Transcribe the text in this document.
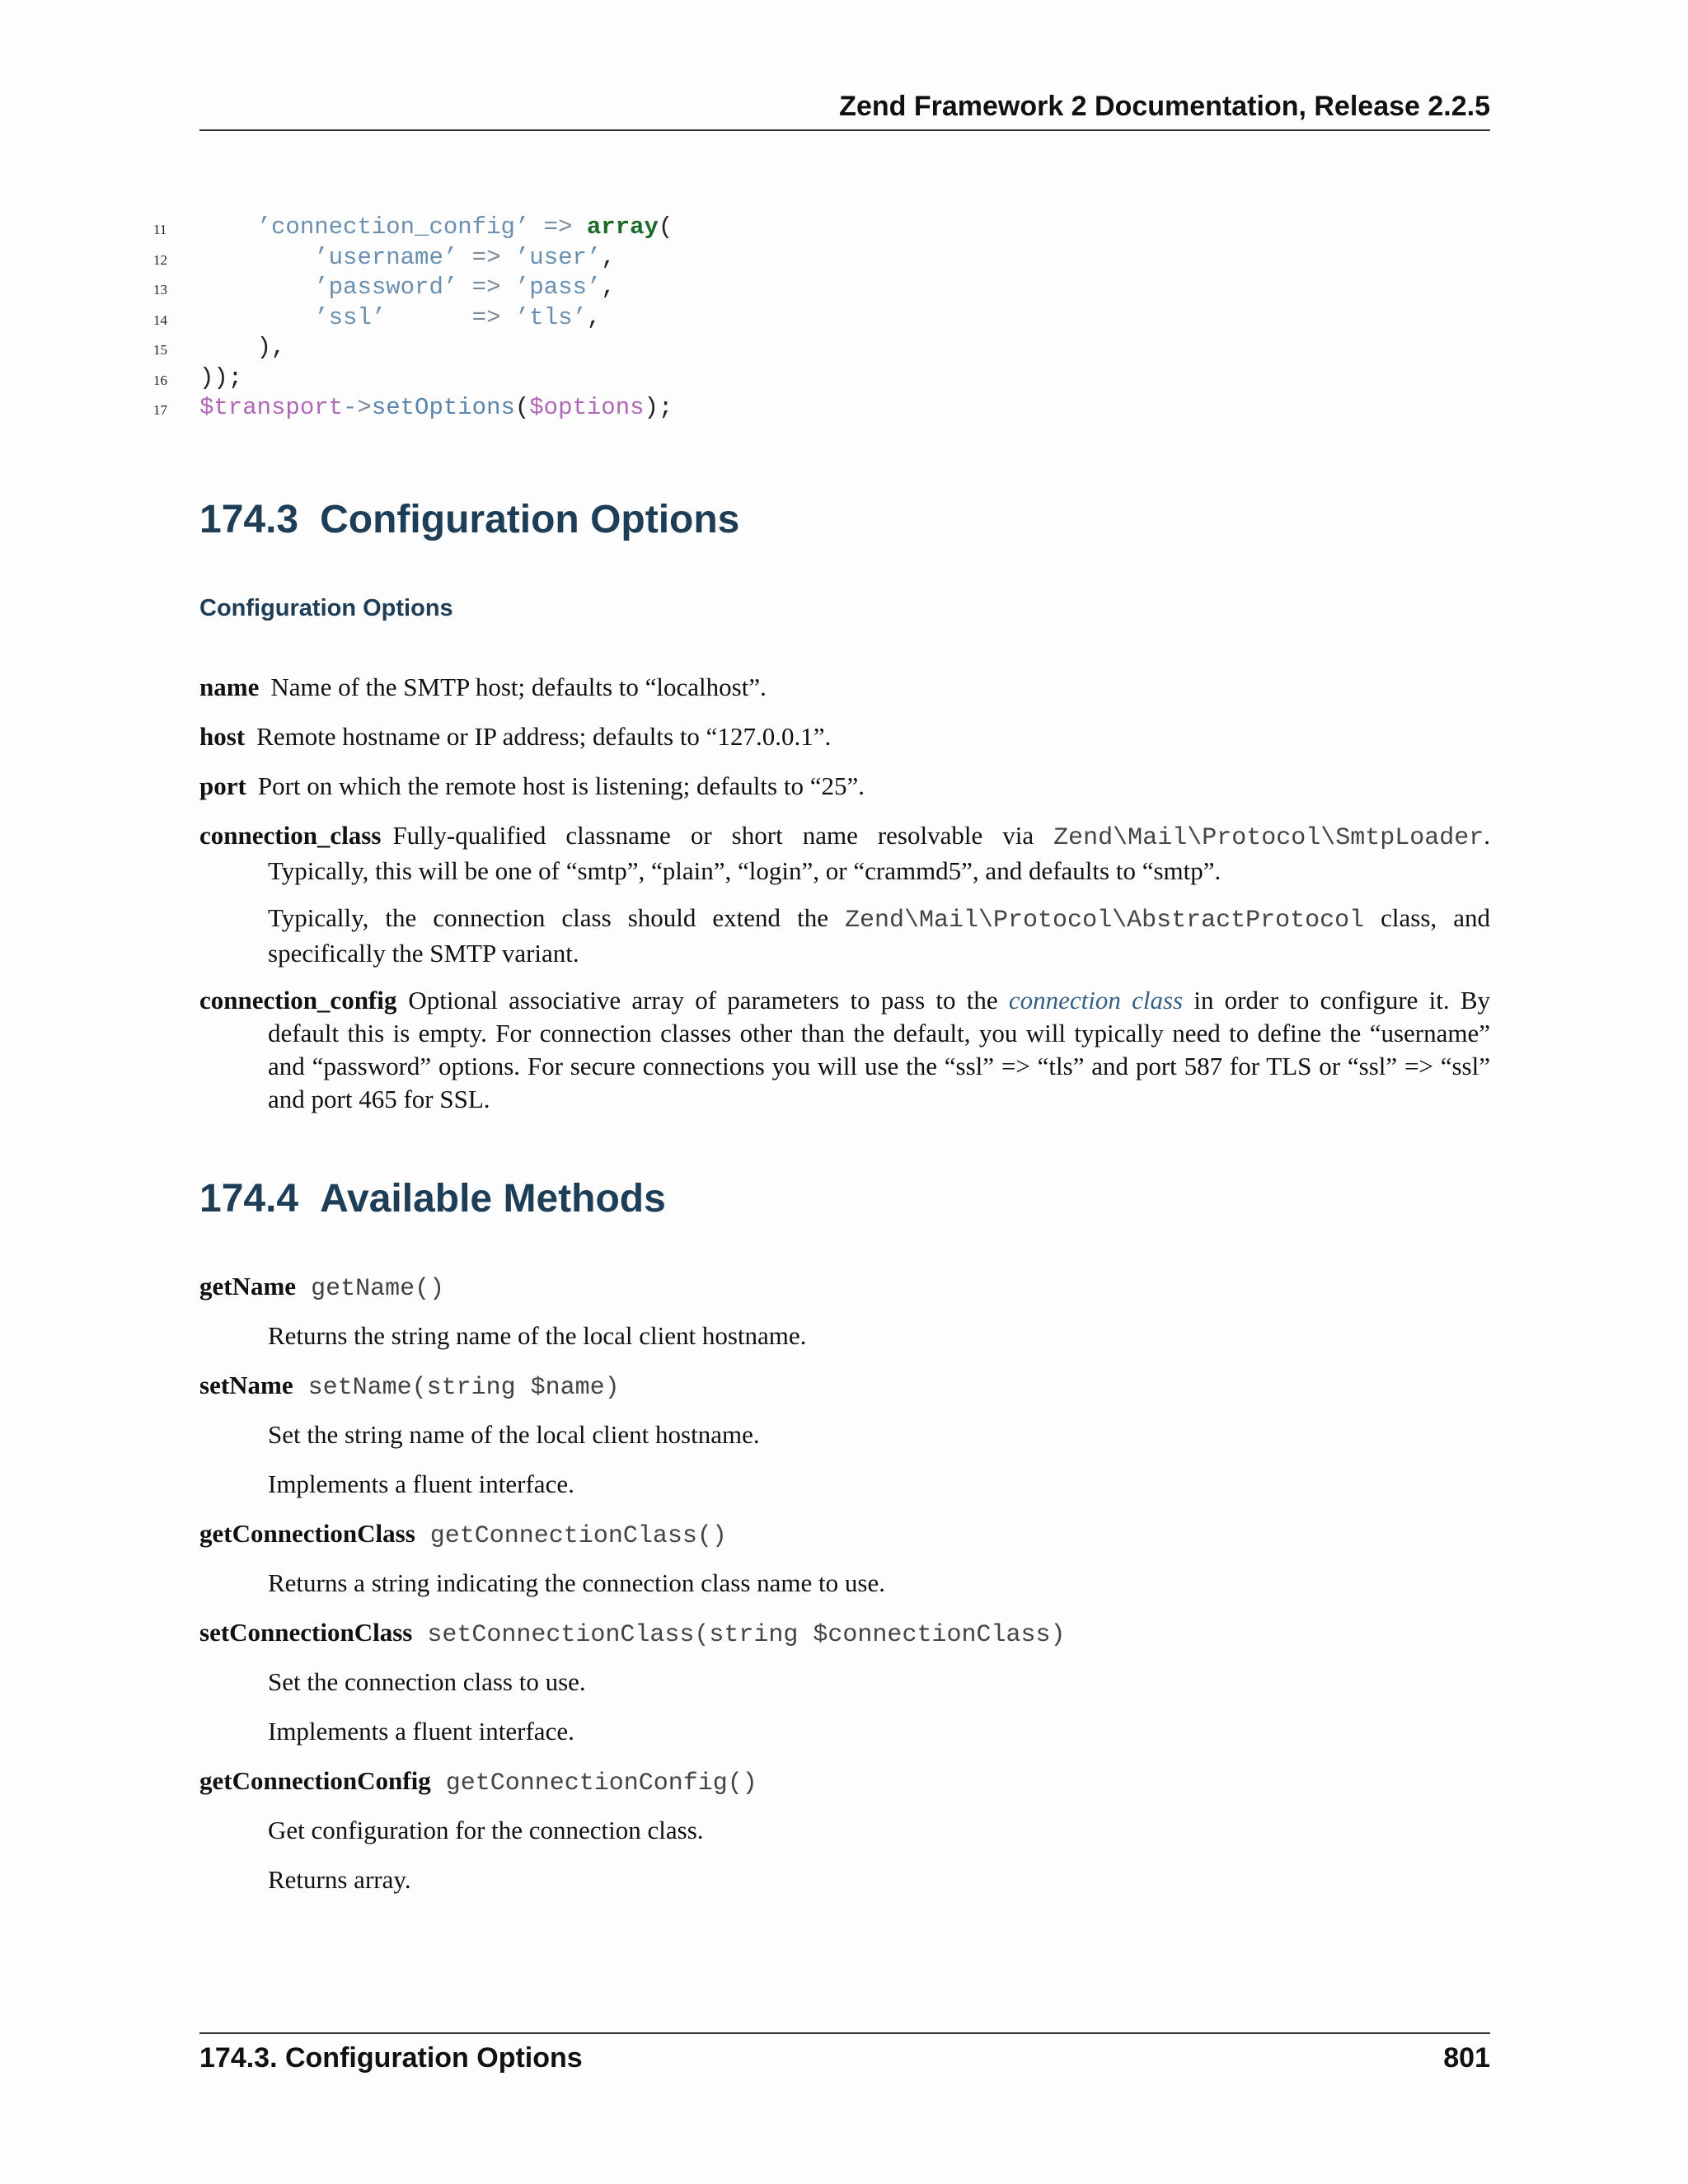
Zend Framework 2 Documentation, Release 2.2.5
11	’connection_config’ => array(
12	’username’ => ’user’,
13	’password’ => ’pass’,
14	’ssl’      => ’tls’,
15	),
16	));
17	$transport->setOptions($options);
174.3 Configuration Options
Configuration Options
name Name of the SMTP host; defaults to “localhost”.
host Remote hostname or IP address; defaults to “127.0.0.1”.
port Port on which the remote host is listening; defaults to “25”.
connection_class Fully-qualified classname or short name resolvable via Zend\Mail\Protocol\SmtpLoader. Typically, this will be one of “smtp”, “plain”, “login”, or “crammd5”, and defaults to “smtp”.
Typically, the connection class should extend the Zend\Mail\Protocol\AbstractProtocol class, and specifically the SMTP variant.
connection_config Optional associative array of parameters to pass to the connection class in order to configure it. By default this is empty. For connection classes other than the default, you will typically need to define the “username” and “password” options. For secure connections you will use the “ssl” => “tls” and port 587 for TLS or “ssl” => “ssl” and port 465 for SSL.
174.4 Available Methods
getName getName()
Returns the string name of the local client hostname.
setName setName(string $name)
Set the string name of the local client hostname.
Implements a fluent interface.
getConnectionClass getConnectionClass()
Returns a string indicating the connection class name to use.
setConnectionClass setConnectionClass(string $connectionClass)
Set the connection class to use.
Implements a fluent interface.
getConnectionConfig getConnectionConfig()
Get configuration for the connection class.
Returns array.
174.3. Configuration Options	801
